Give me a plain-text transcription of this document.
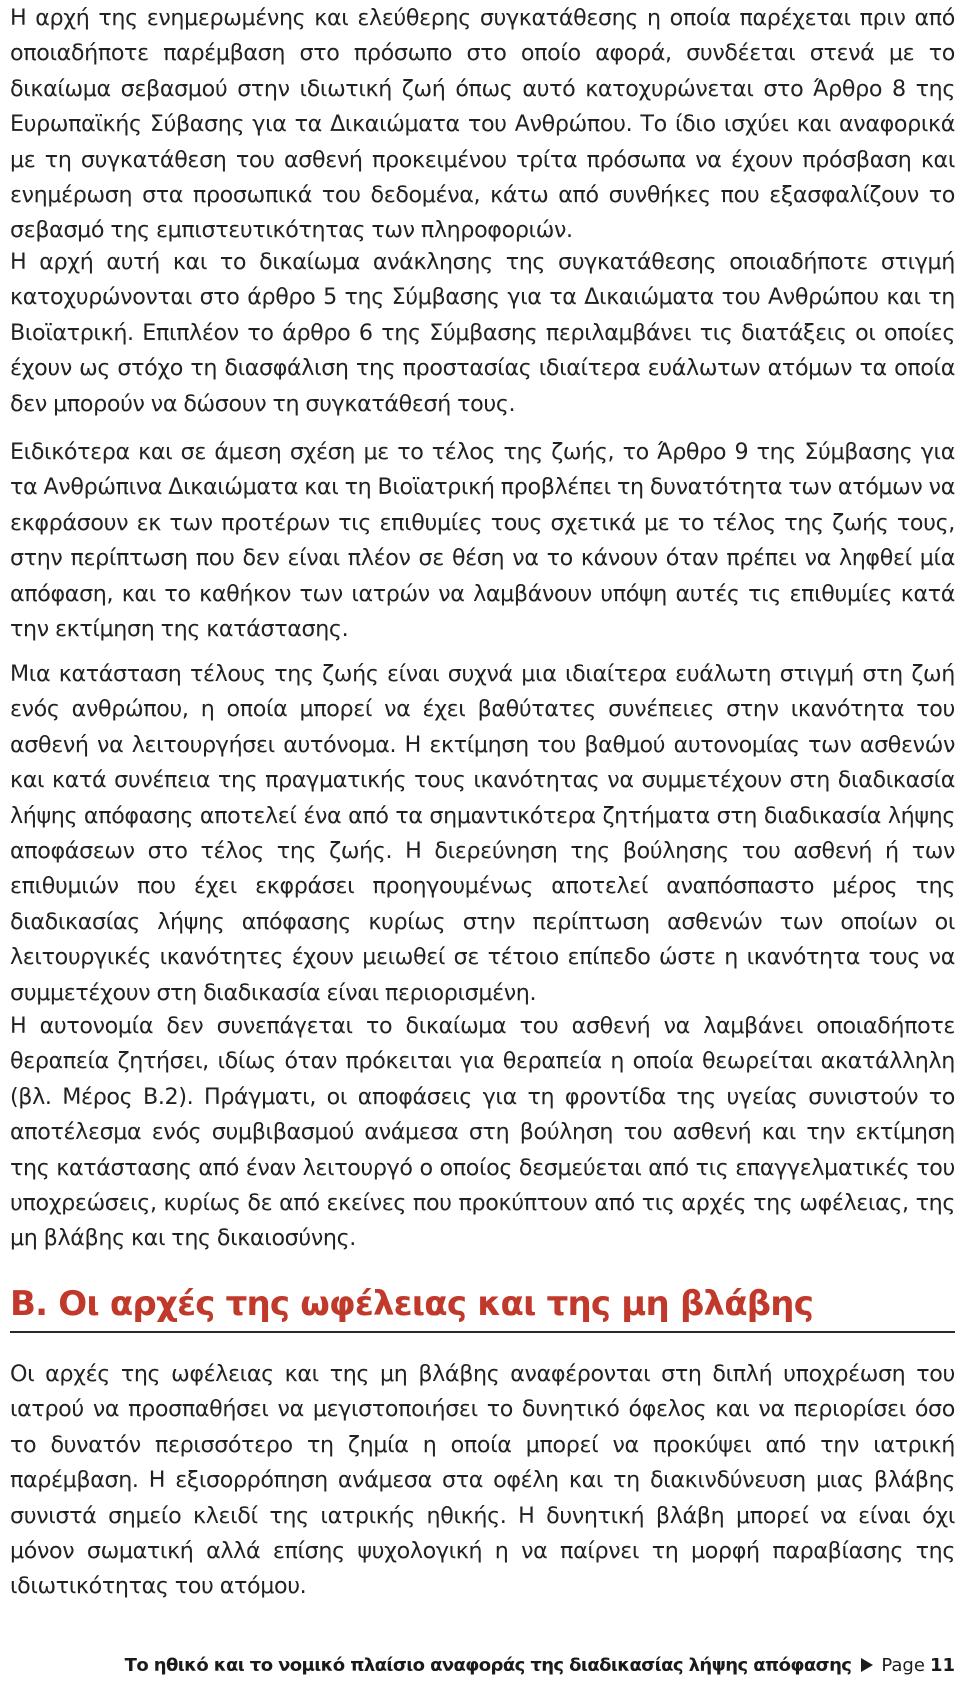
Η αρχή της ενημερωμένης και ελεύθερης συγκατάθεσης η οποία παρέχεται πριν από οποιαδήποτε παρέμβαση στο πρόσωπο στο οποίο αφορά, συνδέεται στενά με το δικαίωμα σεβασμού στην ιδιωτική ζωή όπως αυτό κατοχυρώνεται στο Άρθρο 8 της Ευρωπαϊκής Σύβασης για τα Δικαιώματα του Ανθρώπου. Το ίδιο ισχύει και αναφορικά με τη συγκατάθεση του ασθενή προκειμένου τρίτα πρόσωπα να έχουν πρόσβαση και ενημέρωση στα προσωπικά του δεδομένα, κάτω από συνθήκες που εξασφαλίζουν το σεβασμό της εμπιστευτικότητας των πληροφοριών.

Η αρχή αυτή και το δικαίωμα ανάκλησης της συγκατάθεσης οποιαδήποτε στιγμή κατοχυρώνονται στο άρθρο 5 της Σύμβασης για τα Δικαιώματα του Ανθρώπου και τη Βιοϊατρική. Επιπλέον το άρθρο 6 της Σύμβασης περιλαμβάνει τις διατάξεις οι οποίες έχουν ως στόχο τη διασφάλιση της προστασίας ιδιαίτερα ευάλωτων ατόμων τα οποία δεν μπορούν να δώσουν τη συγκατάθεσή τους.

Ειδικότερα και σε άμεση σχέση με το τέλος της ζωής, το Άρθρο 9 της Σύμβασης για τα Ανθρώπινα Δικαιώματα και τη Βιοϊατρική προβλέπει τη δυνατότητα των ατόμων να εκφράσουν εκ των προτέρων τις επιθυμίες τους σχετικά με το τέλος της ζωής τους, στην περίπτωση που δεν είναι πλέον σε θέση να το κάνουν όταν πρέπει να ληφθεί μία απόφαση, και το καθήκον των ιατρών να λαμβάνουν υπόψη αυτές τις επιθυμίες κατά την εκτίμηση της κατάστασης.

Μια κατάσταση τέλους της ζωής είναι συχνά μια ιδιαίτερα ευάλωτη στιγμή στη ζωή ενός ανθρώπου, η οποία μπορεί να έχει βαθύτατες συνέπειες στην ικανότητα του ασθενή να λειτουργήσει αυτόνομα. Η εκτίμηση του βαθμού αυτονομίας των ασθενών και κατά συνέπεια της πραγματικής τους ικανότητας να συμμετέχουν στη διαδικασία λήψης απόφασης αποτελεί ένα από τα σημαντικότερα ζητήματα στη διαδικασία λήψης αποφάσεων στο τέλος της ζωής. Η διερεύνηση της βούλησης του ασθενή ή των επιθυμιών που έχει εκφράσει προηγουμένως αποτελεί αναπόσπαστο μέρος της διαδικασίας λήψης απόφασης κυρίως στην περίπτωση ασθενών των οποίων οι λειτουργικές ικανότητες έχουν μειωθεί σε τέτοιο επίπεδο ώστε η ικανότητα τους να συμμετέχουν στη διαδικασία είναι περιορισμένη.

Η αυτονομία δεν συνεπάγεται το δικαίωμα του ασθενή να λαμβάνει οποιαδήποτε θεραπεία ζητήσει, ιδίως όταν πρόκειται για θεραπεία η οποία θεωρείται ακατάλληλη (βλ. Μέρος Β.2). Πράγματι, οι αποφάσεις για τη φροντίδα της υγείας συνιστούν το αποτέλεσμα ενός συμβιβασμού ανάμεσα στη βούληση του ασθενή και την εκτίμηση της κατάστασης από έναν λειτουργό ο οποίος δεσμεύεται από τις επαγγελματικές του υποχρεώσεις, κυρίως δε από εκείνες που προκύπτουν από τις αρχές της ωφέλειας, της μη βλάβης και της δικαιοσύνης.

Β. Οι αρχές της ωφέλειας και της μη βλάβης

Οι αρχές της ωφέλειας και της μη βλάβης αναφέρονται στη διπλή υποχρέωση του ιατρού να προσπαθήσει να μεγιστοποιήσει το δυνητικό όφελος και να περιορίσει όσο το δυνατόν περισσότερο τη ζημία η οποία μπορεί να προκύψει από την ιατρική παρέμβαση. Η εξισορρόπηση ανάμεσα στα οφέλη και τη διακινδύνευση μιας βλάβης συνιστά σημείο κλειδί της ιατρικής ηθικής. Η δυνητική βλάβη μπορεί να είναι όχι μόνον σωματική αλλά επίσης ψυχολογική η να παίρνει τη μορφή παραβίασης της ιδιωτικότητας του ατόμου.

Το ηθικό και το νομικό πλαίσιο αναφοράς της διαδικασίας λήψης απόφασης Page 11
